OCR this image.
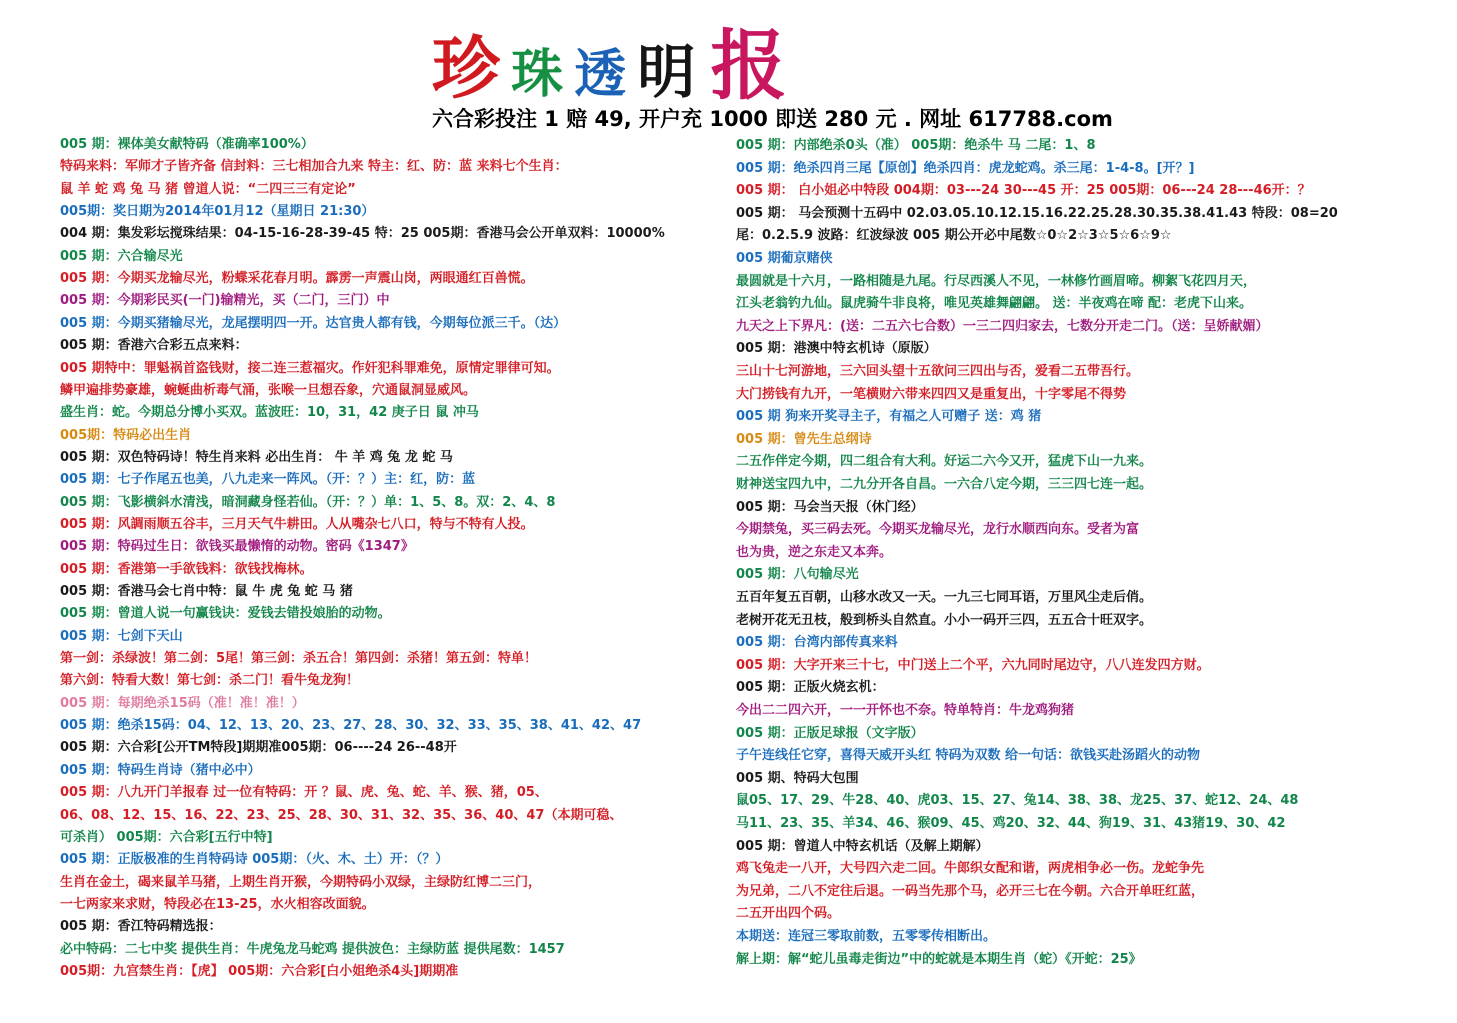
珍 珠 透 明 报
六合彩投注 1 赔 49, 开户充 1000 即送 280 元 . 网址 617788.com
005 期：裸体美女献特码（准确率100%）
特码来料：军师才子皆齐备 信封料：三七相加合九来 特主：红、防：蓝 来料七个生肖：
鼠 羊 蛇 鸡 兔 马 猪 曾道人说：“二四三三有定论”
005期：奖日期为2014年01月12（星期日 21:30）
004 期：集发彩坛搅珠结果：04-15-16-28-39-45 特：25 005期：香港马会公开单双料：10000%
005 期：六合输尽光
005 期：今期买龙输尽光，粉蝶采花春月明。霹雳一声震山岗，两眼通红百兽慌。
005 期：今期彩民买(一门)输精光，买（二门，三门）中
005 期：今期买猪输尽光，龙尾摆明四一开。达官贵人都有钱，今期每位派三千。（达）
005 期：香港六合彩五点来料：
005 期特中：罪魁祸首盗钱财，接二连三惹福灾。作奸犯科罪难免，原情定罪律可知。
鳞甲遍排势豪雄，蜿蜒曲析毒气涌，张喉一旦想吞象，穴通鼠洞显威风。
盛生肖：蛇。今期总分博小买双。蓝波旺：10，31，42 庚子日 鼠 冲马
005期：特码必出生肖
005 期：双色特码诗！特生肖来料 必出生肖： 牛 羊 鸡 兔 龙 蛇 马
005 期：七子作尾五也美，八九走来一阵风。（开：？）主：红，防：蓝
005 期：飞影横斜水清浅，暗洞藏身怪若仙。（开：？）单：1、5、8。双：2、4、8
005 期：风調雨顺五谷丰，三月天气牛耕田。人从嘴杂七八口，特与不特有人投。
005 期：特码过生日：欲钱买最懒惰的动物。密码《1347》
005 期：香港第一手欲钱料：欲钱找梅林。
005 期：香港马会七肖中特：鼠 牛 虎 兔 蛇 马 猪
005 期：曾道人说一句赢钱诀：爱钱去错投娘胎的动物。
005 期：七剑下天山
第一剑：杀绿波！第二剑：5尾！第三剑：杀五合！第四剑：杀猪！第五剑：特单！
第六剑：特看大数！第七剑：杀二门！看牛兔龙狗！
005 期：每期绝杀15码（准！准！准！）
005 期：绝杀15码：04、12、13、20、23、27、28、30、32、33、35、38、41、42、47
005 期：六合彩[公开TM特段]期期准005期：06----24 26--48开
005 期：特码生肖诗（猪中必中）
005 期：八九开门羊报春 过一位有特码：开 ？鼠、虎、兔、蛇、羊、猴、猪，05、
06、08、12、15、16、22、23、25、28、30、31、32、35、36、40、47（本期可稳、
可杀肖） 005期：六合彩[五行中特]
005 期：正版极准的生肖特码诗 005期：（火、木、土）开：（？）
生肖在金土，碣来鼠羊马猪，上期生肖开猴，今期特码小双绿，主绿防红博二三门，
一七两家来求财，特段必在13-25，水火相容改面貌。
005 期：香江特码精选报：
必中特码：二七中奖 提供生肖：牛虎兔龙马蛇鸡 提供波色：主绿防蓝 提供尾数：1457
005期：九宫禁生肖：【虎】 005期：六合彩[白小姐绝杀4头]期期准
005 期：内部绝杀0头（准） 005期：绝杀牛 马 二尾：1、8
005 期：绝杀四肖三尾【原创】绝杀四肖：虎龙蛇鸡。杀三尾：1-4-8。[开？]
005 期： 白小姐必中特段 004期：03---24 30---45 开：25 005期：06---24 28---46开：？
005 期： 马会预测十五码中 02.03.05.10.12.15.16.22.25.28.30.35.38.41.43 特段：08=20
尾：0.2.5.9 波路：红波绿波 005 期公开必中尾数☆0☆2☆3☆5☆6☆9☆
005 期葡京赌侠
最圆就是十六月，一路相随是九尾。行尽西溪人不见，一林修竹画眉啼。柳絮飞花四月天，
江头老翁钓九仙。鼠虎骑牛非良将，唯见英雄舞翩翩。 送：半夜鸡在啼 配：老虎下山来。
九天之上下界凡：(送：二五六七合数）一三二四归家去，七数分开走二门。（送：呈娇献媚）
005 期：港澳中特玄机诗（原版）
三山十七河游地，三六回头望十五欲问三四出与否，爱看二五带吾行。
大门捞钱有九开，一笔横财六带来四四又是重复出，十字零尾不得势
005 期 狗来开奖寻主子，有福之人可赠子 送：鸡 猪
005 期：曾先生总纲诗
二五作伴定今期，四二组合有大利。好运二六今又开，猛虎下山一九来。
财神送宝四九中，二九分开各自昌。一六合八定今期，三三四七连一起。
005 期：马会当天报（休门经）
今期禁兔，买三码去死。今期买龙输尽光，龙行水顺西向东。受者为富
也为贵，逆之东走又本奔。
005 期：八句输尽光
五百年复五百朝，山移水改又一天。一九三七同耳语，万里风尘走后俏。
老树开花无丑枝，般到桥头自然直。小小一码开三四，五五合十旺双字。
005 期：台湾内部传真来料
005 期：大字开来三十七，中门送上二个平，六九同时尾边守，八八连发四方财。
005 期：正版火烧玄机：
今出二二四六开，一一开怀也不奈。特单特肖：牛龙鸡狗猪
005 期：正版足球报（文字版）
子午连线任它穿，喜得天威开头红 特码为双数 给一句话：欲钱买赴汤蹈火的动物
005 期、特码大包围
鼠05、17、29、牛28、40、虎03、15、27、兔14、38、38、龙25、37、蛇12、24、48
马11、23、35、羊34、46、猴09、45、鸡20、32、44、狗19、31、43猪19、30、42
005 期：曾道人中特玄机话（及解上期解）
鸡飞兔走一八开，大号四六走二回。牛郎织女配和谐，两虎相争必一伤。龙蛇争先
为兄弟，二八不定往后退。一码当先那个马，必开三七在今朝。六合开单旺红蓝，
二五开出四个码。
本期送：连冠三零取前数，五零零传相断出。
解上期：解“蛇儿虽毒走街边”中的蛇就是本期生肖（蛇）《开蛇：25》
